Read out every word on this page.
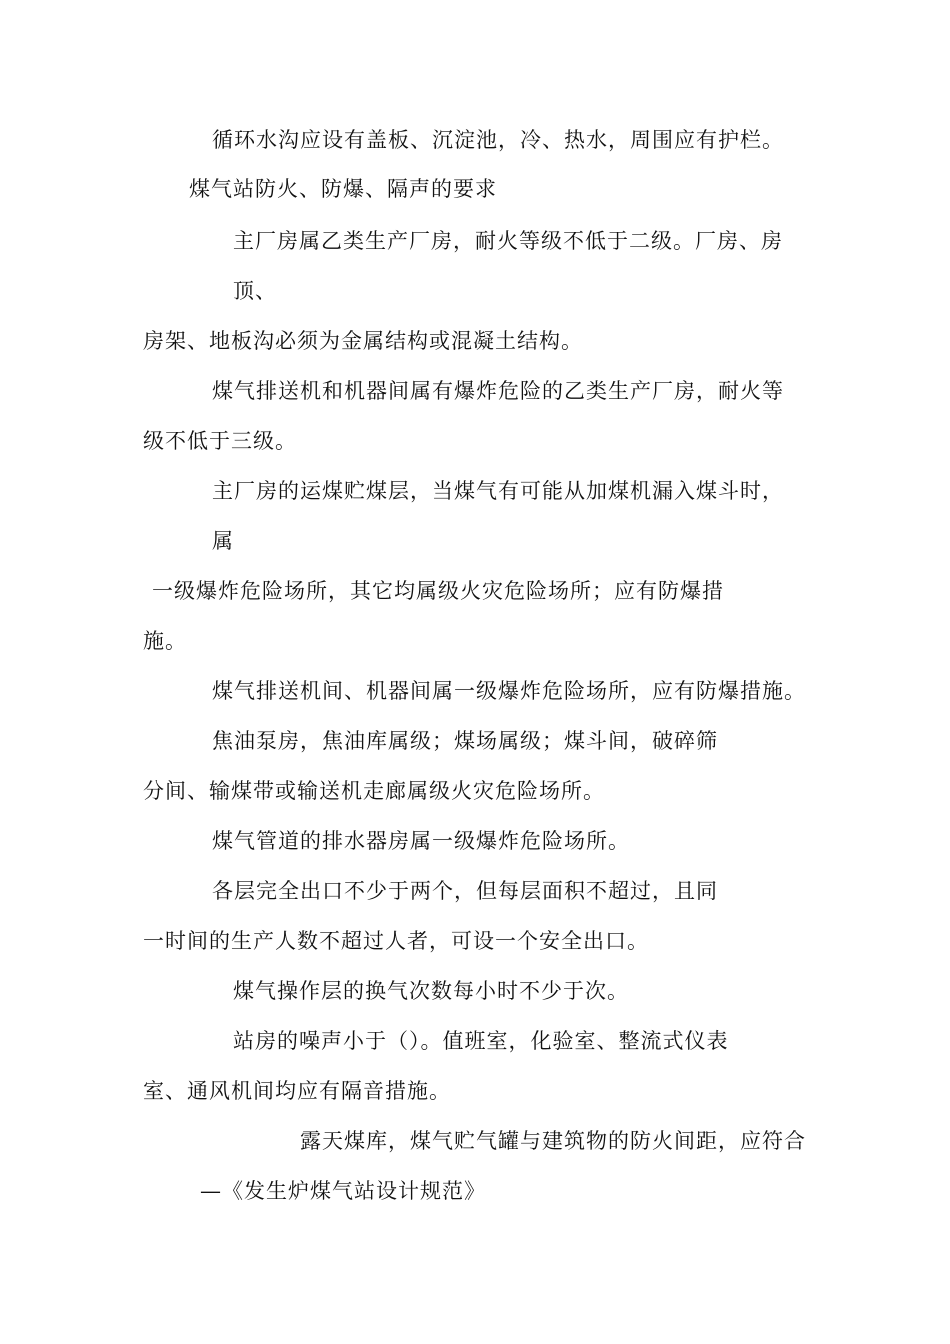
循环水沟应设有盖板、沉淀池，冷、热水，周围应有护栏。
煤气站防火、防爆、隔声的要求
主厂房属乙类生产厂房，耐火等级不低于二级。厂房、房
顶、
房架、地板沟必须为金属结构或混凝土结构。
煤气排送机和机器间属有爆炸危险的乙类生产厂房，耐火等
级不低于三级。
主厂房的运煤贮煤层，当煤气有可能从加煤机漏入煤斗时，
属
一级爆炸危险场所，其它均属级火灾危险场所；应有防爆措
施。
煤气排送机间、机器间属一级爆炸危险场所，应有防爆措施。
焦油泵房，焦油库属级；煤场属级；煤斗间，破碎筛
分间、输煤带或输送机走廊属级火灾危险场所。
煤气管道的排水器房属一级爆炸危险场所。
各层完全出口不少于两个，但每层面积不超过，且同
一时间的生产人数不超过人者，可设一个安全出口。
煤气操作层的换气次数每小时不少于次。
站房的噪声小于（）。值班室，化验室、整流式仪表
室、通风机间均应有隔音措施。
露天煤库，煤气贮气罐与建筑物的防火间距，应符合
—《发生炉煤气站设计规范》
